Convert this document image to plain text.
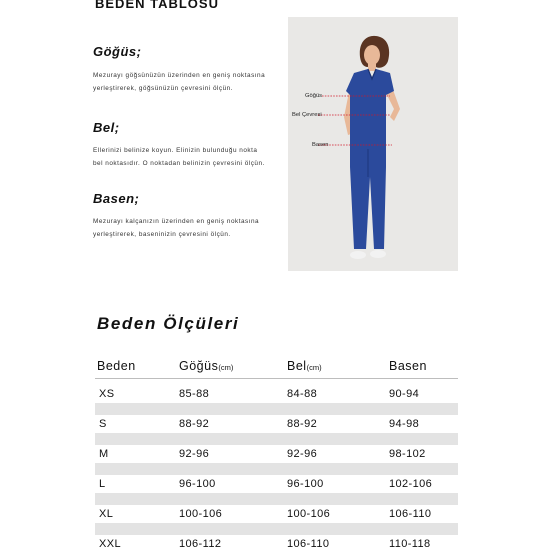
BEDEN TABLOSU
Göğüs;
Mezurayı göğsünüzün üzerinden en geniş noktasına
yerleştirerek, göğsünüzün çevresini ölçün.
Bel;
Ellerinizi belinize koyun. Elinizin bulunduğu nokta
bel noktasıdır. O noktadan belinizin çevresini ölçün.
Basen;
Mezurayı kalçanızın üzerinden en geniş noktasına
yerleştirerek, baseninizin çevresini ölçün.
Göğüs
Bel Çevresi
Basen
Beden Ölçüleri
Beden	Göğüs(cm)	Bel(cm)	Basen
XS	85-88	84-88	90-94
S	88-92	88-92	94-98
M	92-96	92-96	98-102
L	96-100	96-100	102-106
XL	100-106	100-106	106-110
XXL	106-112	106-110	110-118
